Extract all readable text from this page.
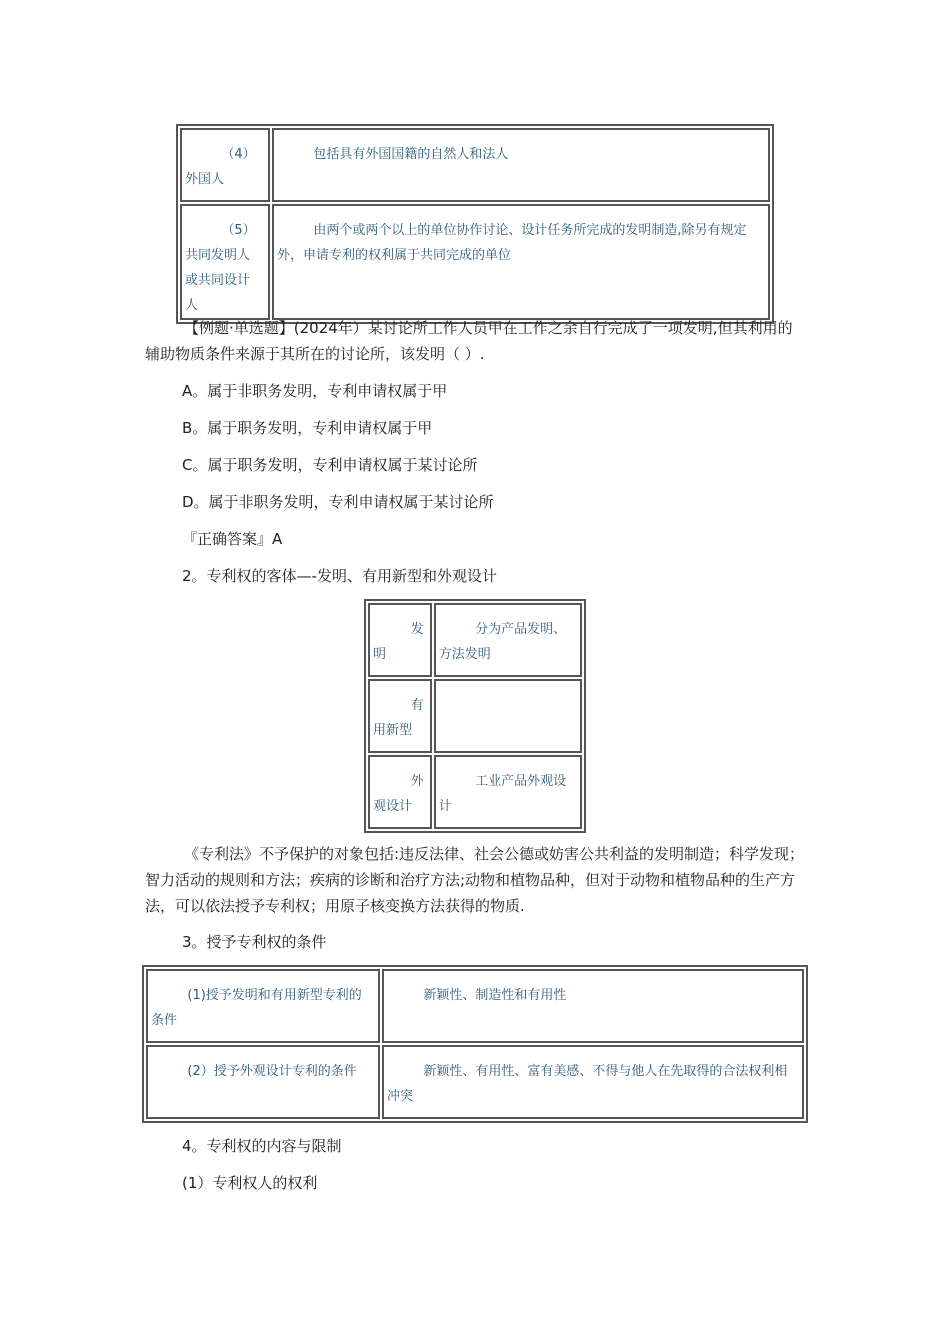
（4）外国人	包括具有外国国籍的自然人和法人

（5）共同发明人或共同设计人	由两个或两个以上的单位协作讨论、设计任务所完成的发明制造,除另有规定外，申请专利的权利属于共同完成的单位

【例题·单选题】(2024年）某讨论所工作人员甲在工作之余自行完成了一项发明,但其利用的辅助物质条件来源于其所在的讨论所，该发明（ ）.

A。属于非职务发明，专利申请权属于甲

B。属于职务发明，专利申请权属于甲

C。属于职务发明，专利申请权属于某讨论所

D。属于非职务发明，专利申请权属于某讨论所

『正确答案』A

2。专利权的客体—-发明、有用新型和外观设计

发明	分为产品发明、方法发明

有用新型	

外观设计	工业产品外观设计

《专利法》不予保护的对象包括:违反法律、社会公德或妨害公共利益的发明制造；科学发现；智力活动的规则和方法；疾病的诊断和治疗方法;动物和植物品种，但对于动物和植物品种的生产方法，可以依法授予专利权；用原子核变换方法获得的物质.

3。授予专利权的条件

(1)授予发明和有用新型专利的条件	新颖性、制造性和有用性

(2）授予外观设计专利的条件	新颖性、有用性、富有美感、不得与他人在先取得的合法权利相冲突

4。专利权的内容与限制

(1）专利权人的权利
